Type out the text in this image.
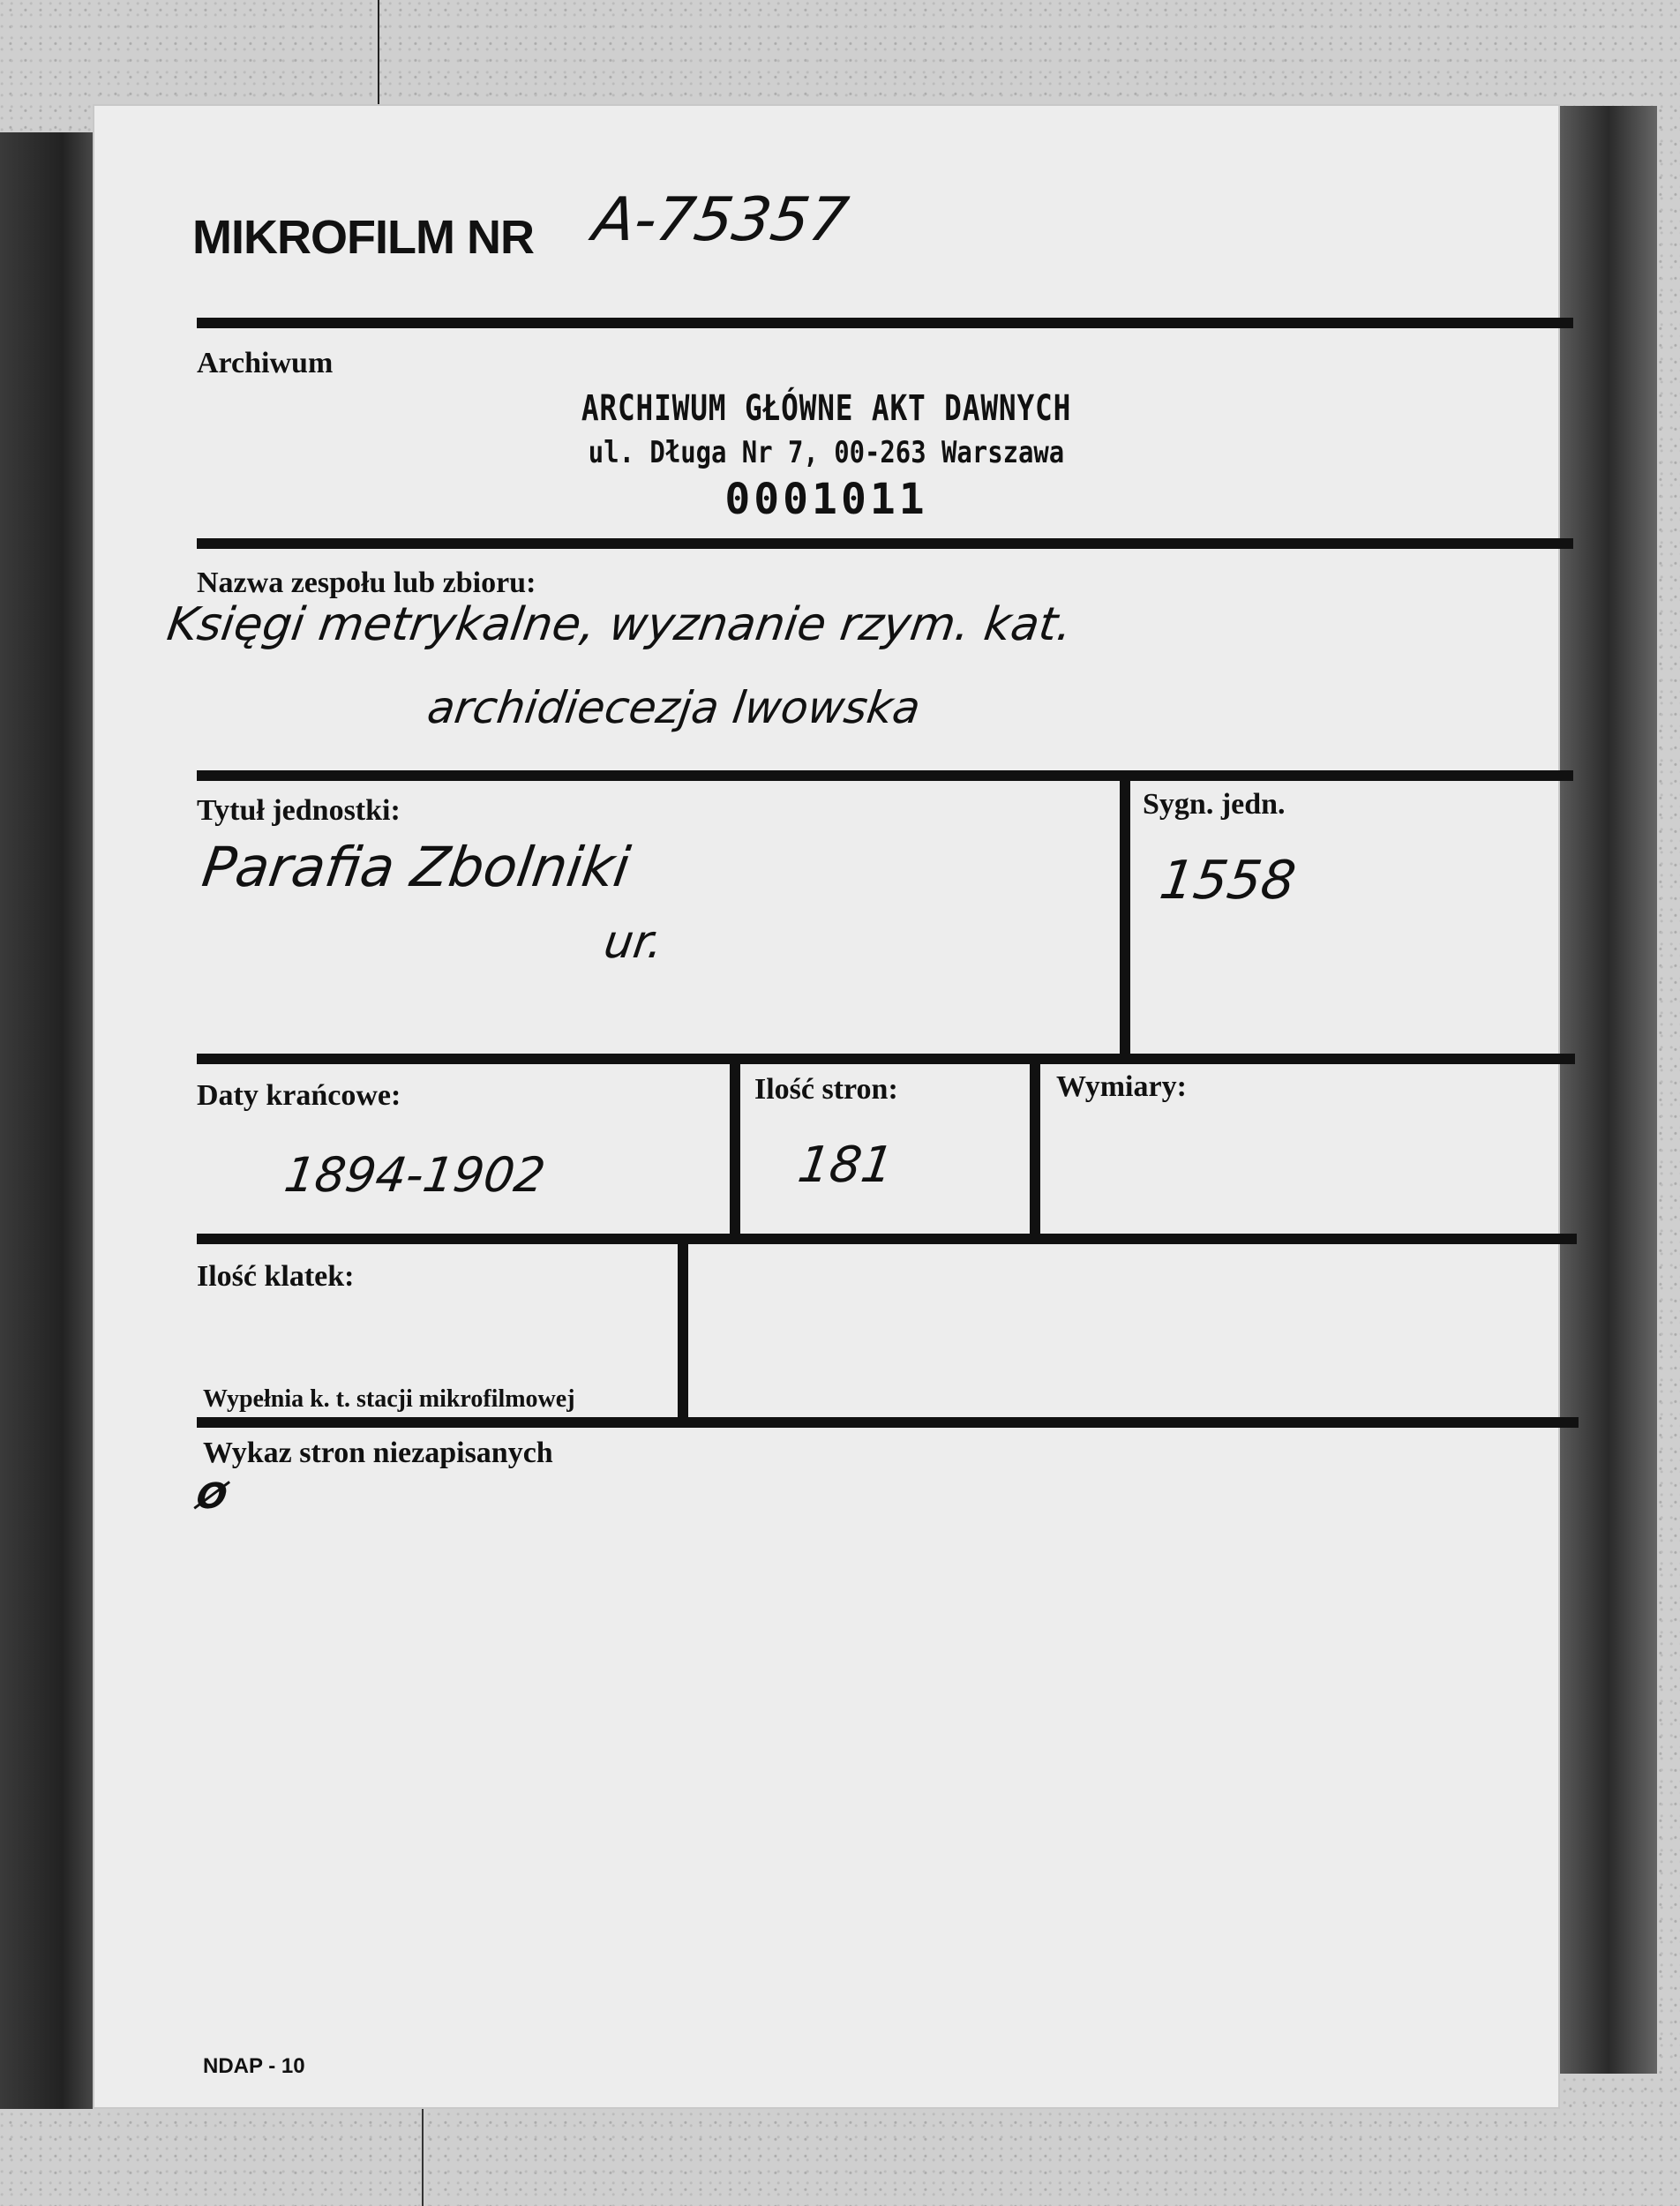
MIKROFILM NR A-75357
Archiwum
ARCHIWUM GŁÓWNE AKT DAWNYCH
ul. Długa Nr 7, 00-263 Warszawa
0001011
Nazwa zespołu lub zbioru:
Księgi metrykalne, wyznanie rzym. kat.
archidiecezja lwowska
Tytuł jednostki:
Parafia Zbolniki
ur.
Sygn. jedn.
1558
Daty krańcowe:
1894-1902
Ilość stron:
181
Wymiary:
Ilość klatek:
Wypełnia k. t. stacji mikrofilmowej
Wykaz stron niezapisanych
Ø
NDAP - 10
